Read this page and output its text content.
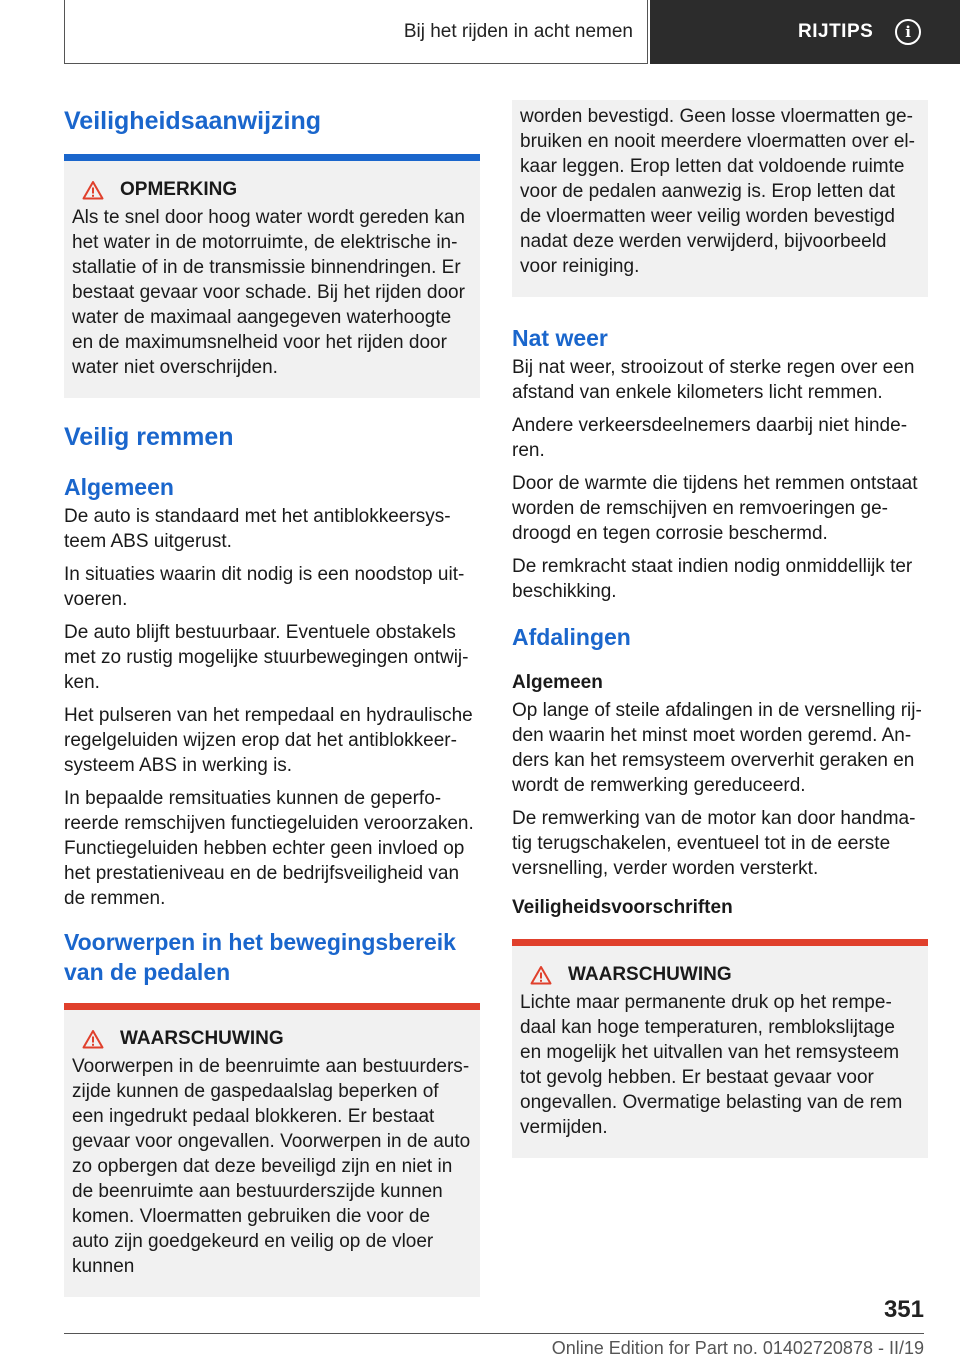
Bij het rijden in acht nemen	RIJTIPS	i
Veiligheidsaanwijzing
OPMERKING

Als te snel door hoog water wordt gereden kan het water in de motorruimte, de elektrische installatie of in de transmissie binnendringen. Er bestaat gevaar voor schade. Bij het rijden door water de maximaal aangegeven waterhoogte en de maximumsnelheid voor het rijden door water niet overschrijden.

Veilig remmen
Algemeen

De auto is standaard met het antiblokkeersysteem ABS uitgerust.

In situaties waarin dit nodig is een noodstop uitvoeren.

De auto blijft bestuurbaar. Eventuele obstakels met zo rustig mogelijke stuurbewegingen ontwijken.

Het pulseren van het rempedaal en hydraulische regelgeluiden wijzen erop dat het antiblokkeersysteem ABS in werking is.

In bepaalde remsituaties kunnen de geperforeerde remschijven functiegeluiden veroorzaken. Functiegeluiden hebben echter geen invloed op het prestatieniveau en de bedrijfsveiligheid van de remmen.

Voorwerpen in het bewegingsbereik van de pedalen
WAARSCHUWING

Voorwerpen in de beenruimte aan bestuurderszijde kunnen de gaspedaalslag beperken of een ingedrukt pedaal blokkeren. Er bestaat gevaar voor ongevallen. Voorwerpen in de auto zo opbergen dat deze beveiligd zijn en niet in de beenruimte aan bestuurderszijde kunnen komen. Vloermatten gebruiken die voor de auto zijn goedgekeurd en veilig op de vloer kunnen

worden bevestigd. Geen losse vloermatten gebruiken en nooit meerdere vloermatten over elkaar leggen. Erop letten dat voldoende ruimte voor de pedalen aanwezig is. Erop letten dat de vloermatten weer veilig worden bevestigd nadat deze werden verwijderd, bijvoorbeeld voor reiniging.

Nat weer

Bij nat weer, strooizout of sterke regen over een afstand van enkele kilometers licht remmen.

Andere verkeersdeelnemers daarbij niet hinderen.

Door de warmte die tijdens het remmen ontstaat worden de remschijven en remvoeringen gedroogd en tegen corrosie beschermd.

De remkracht staat indien nodig onmiddellijk ter beschikking.

Afdalingen
Algemeen

Op lange of steile afdalingen in de versnelling rijden waarin het minst moet worden geremd. Anders kan het remsysteem oververhit geraken en wordt de remwerking gereduceerd.

De remwerking van de motor kan door handmatig terugschakelen, eventueel tot in de eerste versnelling, verder worden versterkt.

Veiligheidsvoorschriften
WAARSCHUWING

Lichte maar permanente druk op het rempedaal kan hoge temperaturen, remblokslijtage en mogelijk het uitvallen van het remsysteem tot gevolg hebben. Er bestaat gevaar voor ongevallen. Overmatige belasting van de rem vermijden.

351
Online Edition for Part no. 01402720878 - II/19
